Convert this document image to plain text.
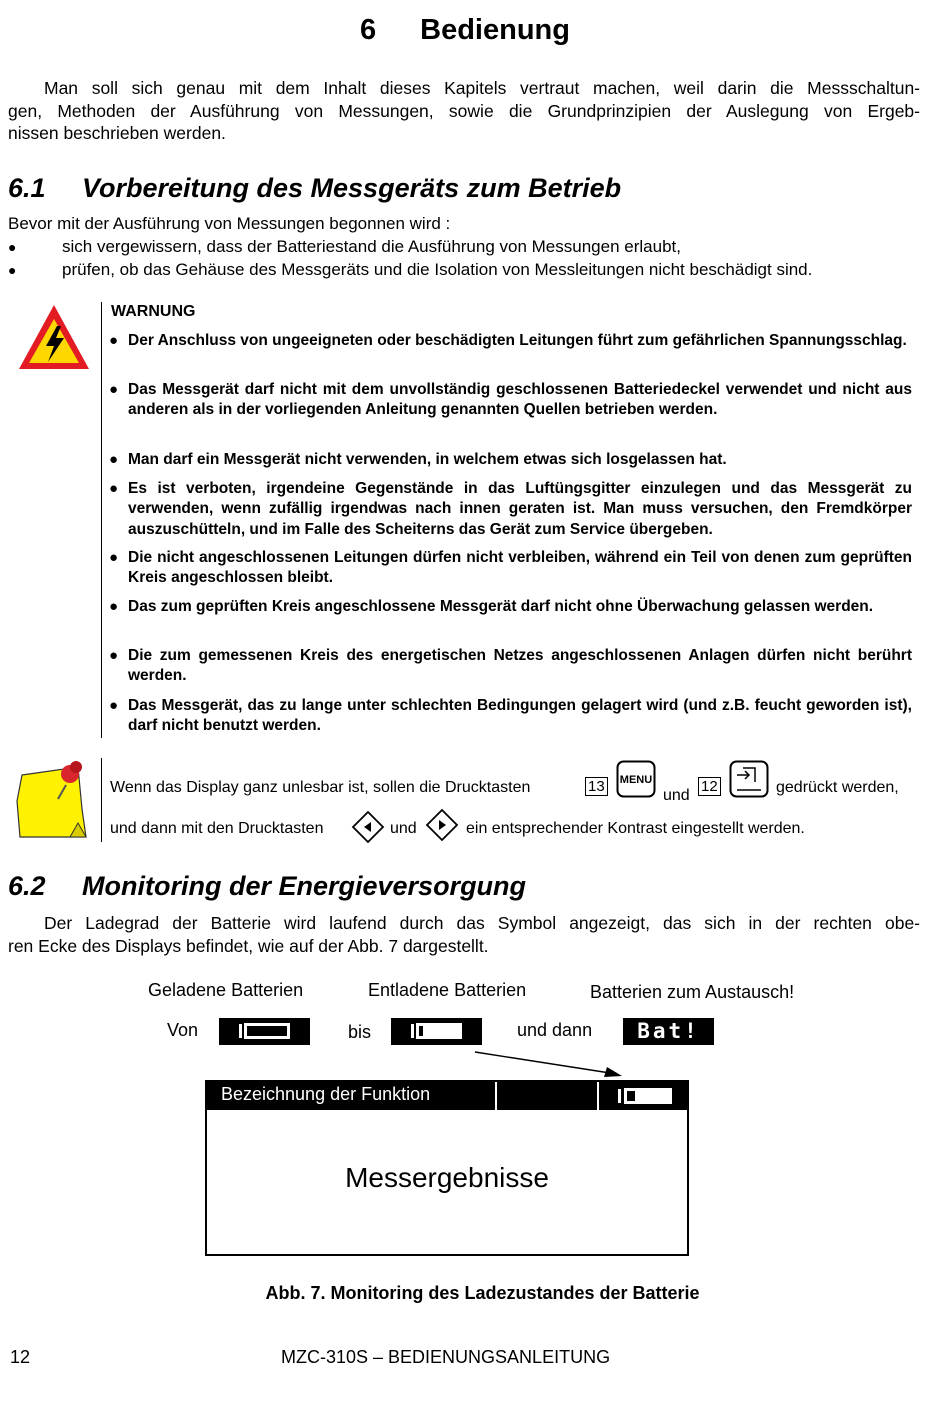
6 Bedienung
Man soll sich genau mit dem Inhalt dieses Kapitels vertraut machen, weil darin die Messschaltun-
gen, Methoden der Ausführung von Messungen, sowie die Grundprinzipien der Auslegung von Ergeb-
nissen beschrieben werden.
6.1 Vorbereitung des Messgeräts zum Betrieb
Bevor mit der Ausführung von Messungen begonnen wird :
●	sich vergewissern, dass der Batteriestand die Ausführung von Messungen erlaubt,
●	prüfen, ob das Gehäuse des Messgeräts und die Isolation von Messleitungen nicht beschädigt sind.
WARNUNG
● Der Anschluss von ungeeigneten oder beschädigten Leitungen führt zum gefährlichen Spannungsschlag.
● Das Messgerät darf nicht mit dem unvollständig geschlossenen Batteriedeckel verwendet und nicht aus anderen als in der vorliegenden Anleitung genannten Quellen betrieben werden.
● Man darf ein Messgerät nicht verwenden, in welchem etwas sich losgelassen hat.
● Es ist verboten, irgendeine Gegenstände in das Luftüngsgitter einzulegen und das Messgerät zu verwenden, wenn zufällig irgendwas nach innen geraten ist. Man muss versuchen, den Fremdkörper auszuschütteln, und im Falle des Scheiterns das Gerät zum Service übergeben.
● Die nicht angeschlossenen Leitungen dürfen nicht verbleiben, während ein Teil von denen zum geprüften Kreis angeschlossen bleibt.
● Das zum geprüften Kreis angeschlossene Messgerät darf nicht ohne Überwachung gelassen werden.
● Die zum gemessenen Kreis des energetischen Netzes angeschlossenen Anlagen dürfen nicht berührt werden.
● Das Messgerät, das zu lange unter schlechten Bedingungen gelagert wird (und z.B. feucht geworden ist), darf nicht benutzt werden.
Wenn das Display ganz unlesbar ist, sollen die Drucktasten	13 MENU
und
12	gedrückt werden,
und dann mit den Drucktasten	und	ein entsprechender Kontrast eingestellt werden.
6.2 Monitoring der Energieversorgung
Der Ladegrad der Batterie wird laufend durch das Symbol angezeigt, das sich in der rechten obe-
ren Ecke des Displays befindet, wie auf der Abb. 7 dargestellt.
Geladene Batterien	Entladene Batterien	Batterien zum Austausch!
Von	bis	und dann	Bat!
Bezeichnung der Funktion
Messergebnisse
Abb. 7. Monitoring des Ladezustandes der Batterie
12	MZC-310S – BEDIENUNGSANLEITUNG
